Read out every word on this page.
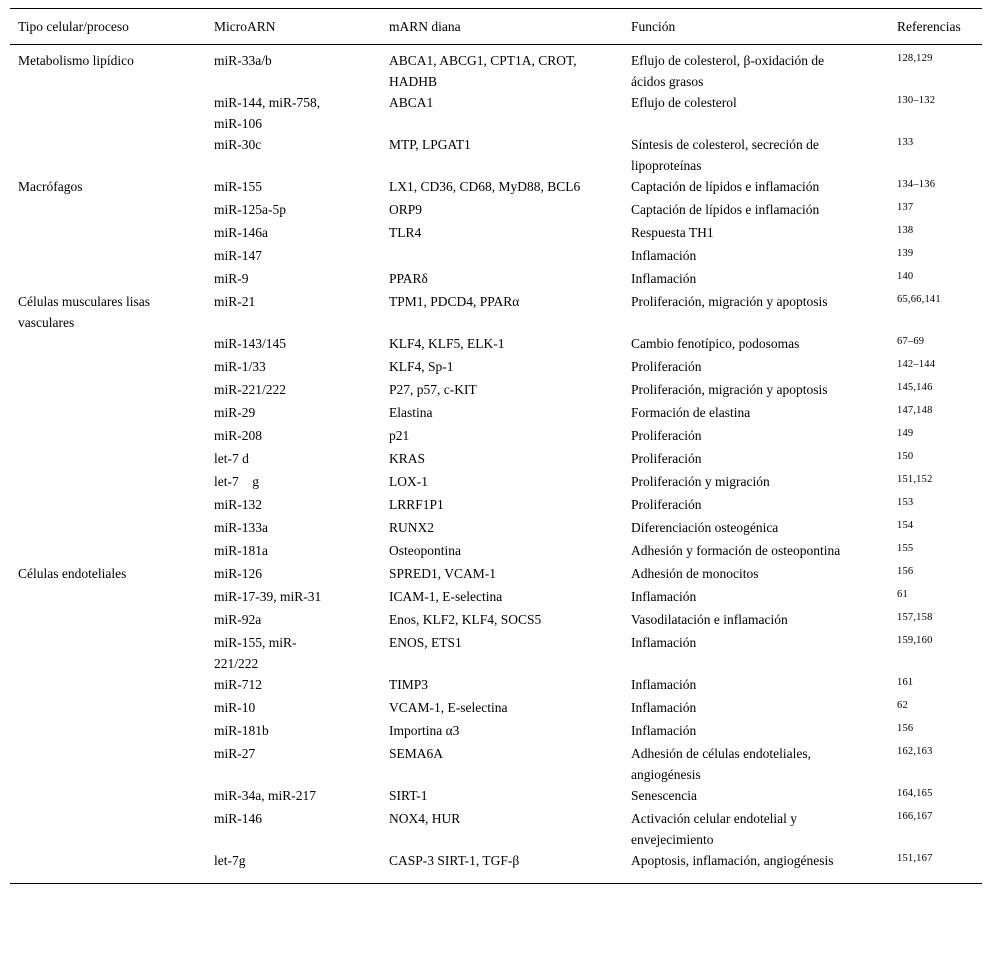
Tipo celular/proceso	MicroARN	mARN diana	Función	Referencias
Metabolismo lipídico	miR-33a/b	ABCA1, ABCG1, CPT1A, CROT, HADHB	Eflujo de colesterol, β-oxidación de ácidos grasos	$^{128,129}$
	miR-144, miR-758, miR-106	ABCA1	Eflujo de colesterol	$^{130-132}$
	miR-30c	MTP, LPGAT1	Síntesis de colesterol, secreción de lipoproteínas	$^{133}$
Macrófagos	miR-155	LX1, CD36, CD68, MyD88, BCL6	Captación de lípidos e inflamación	$^{134-136}$
	miR-125a-5p	ORP9	Captación de lípidos e inflamación	$^{137}$
	miR-146a	TLR4	Respuesta TH1	$^{138}$
	miR-147		Inflamación	$^{139}$
	miR-9	PPARδ	Inflamación	$^{140}$
Células musculares lisas vasculares	miR-21	TPM1, PDCD4, PPARα	Proliferación, migración y apoptosis	$^{65,66,141}$
	miR-143/145	KLF4, KLF5, ELK-1	Cambio fenotípico, podosomas	$^{67-69}$
	miR-1/33	KLF4, Sp-1	Proliferación	$^{142-144}$
	miR-221/222	P27, p57, c-KIT	Proliferación, migración y apoptosis	$^{145,146}$
	miR-29	Elastina	Formación de elastina	$^{147,148}$
	miR-208	p21	Proliferación	$^{149}$
	let-7 d	KRAS	Proliferación	$^{150}$
	let-7    g	LOX-1	Proliferación y migración	$^{151,152}$
	miR-132	LRRF1P1	Proliferación	$^{153}$
	miR-133a	RUNX2	Diferenciación osteogénica	$^{154}$
	miR-181a	Osteopontina	Adhesión y formación de osteopontina	$^{155}$
Células endoteliales	miR-126	SPRED1, VCAM-1	Adhesión de monocitos	$^{156}$
	miR-17-39, miR-31	ICAM-1, E-selectina	Inflamación	$^{61}$
	miR-92a	Enos, KLF2, KLF4, SOCS5	Vasodilatación e inflamación	$^{157,158}$
	miR-155, miR-221/222	ENOS, ETS1	Inflamación	$^{159,160}$
	miR-712	TIMP3	Inflamación	$^{161}$
	miR-10	VCAM-1, E-selectina	Inflamación	$^{62}$
	miR-181b	Importina α3	Inflamación	$^{156}$
	miR-27	SEMA6A	Adhesión de células endoteliales, angiogénesis	$^{162,163}$
	miR-34a, miR-217	SIRT-1	Senescencia	$^{164,165}$
	miR-146	NOX4, HUR	Activación celular endotelial y envejecimiento	$^{166,167}$
	let-7g	CASP-3 SIRT-1, TGF-β	Apoptosis, inflamación, angiogénesis	$^{151,167}$
